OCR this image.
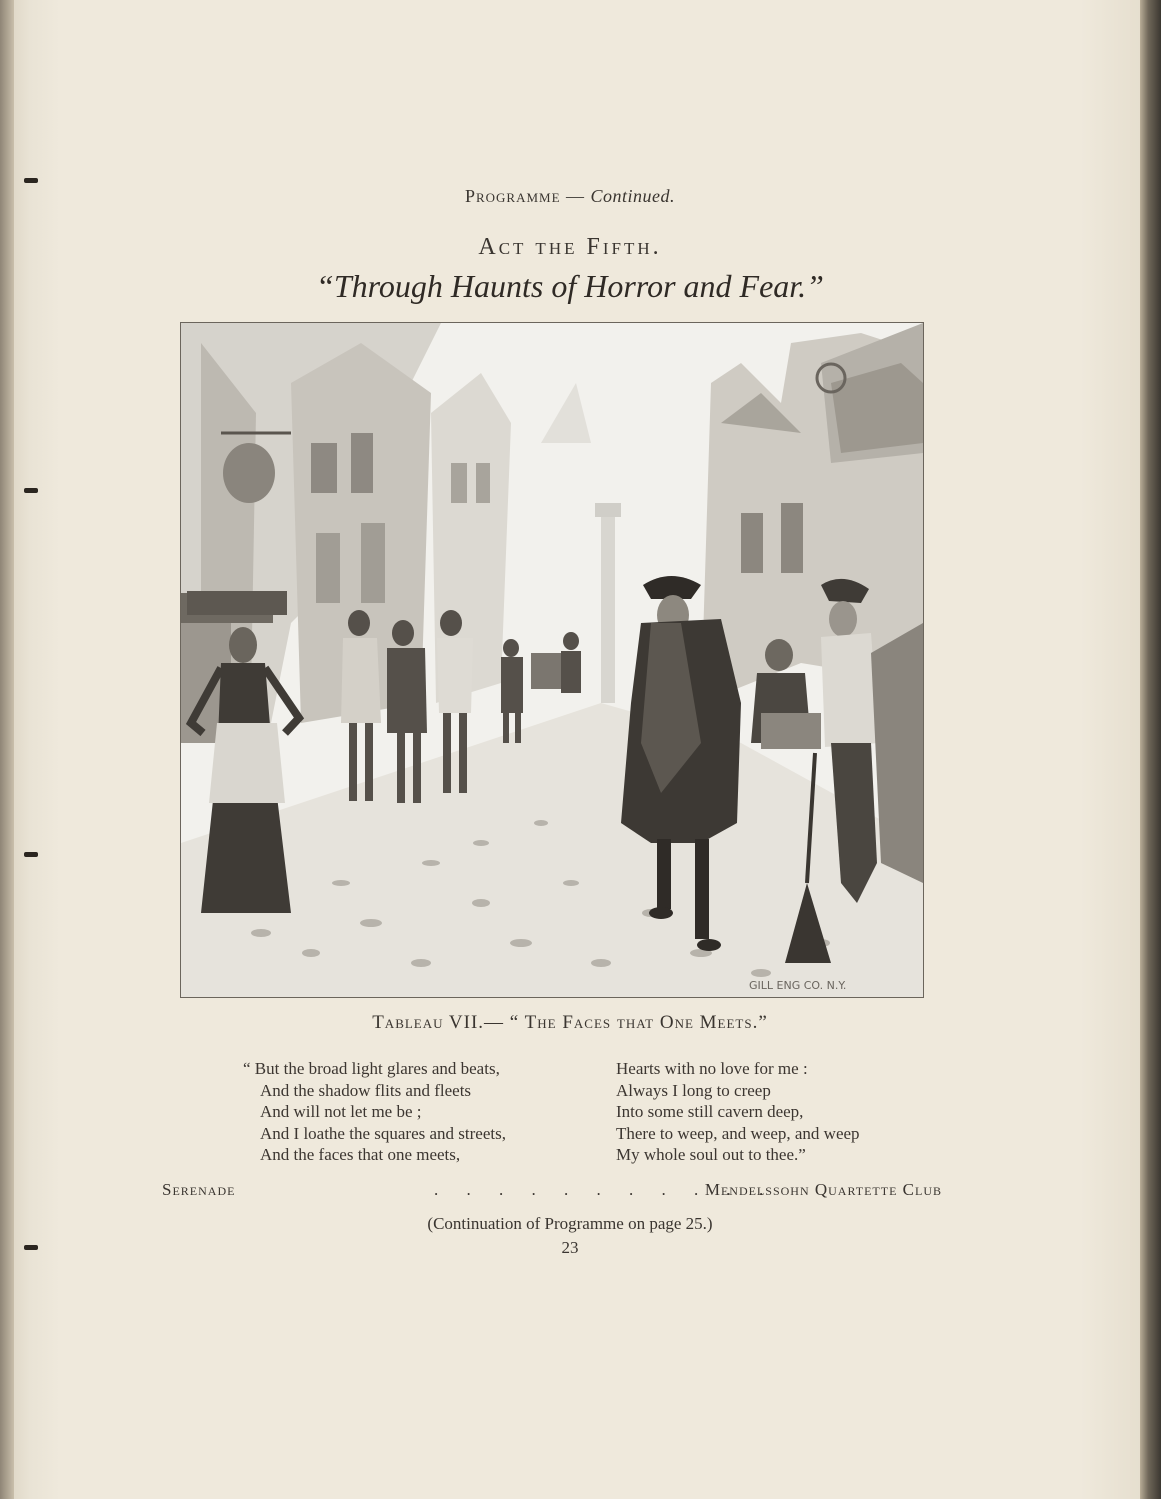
Programme — Continued.
Act the Fifth.
“Through Haunts of Horror and Fear.”
GILL ENG CO. N.Y.
Tableau VII.— “ The Faces that One Meets.”
“ But the broad light glares and beats,
And the shadow flits and fleets
And will not let me be ;
And I loathe the squares and streets,
And the faces that one meets,
Hearts with no love for me :
Always I long to creep
Into some still cavern deep,
There to weep, and weep, and weep
My whole soul out to thee.”
Serenade	. . . . . . . . . . .
Mendelssohn Quartette Club
(Continuation of Programme on page 25.)
23
